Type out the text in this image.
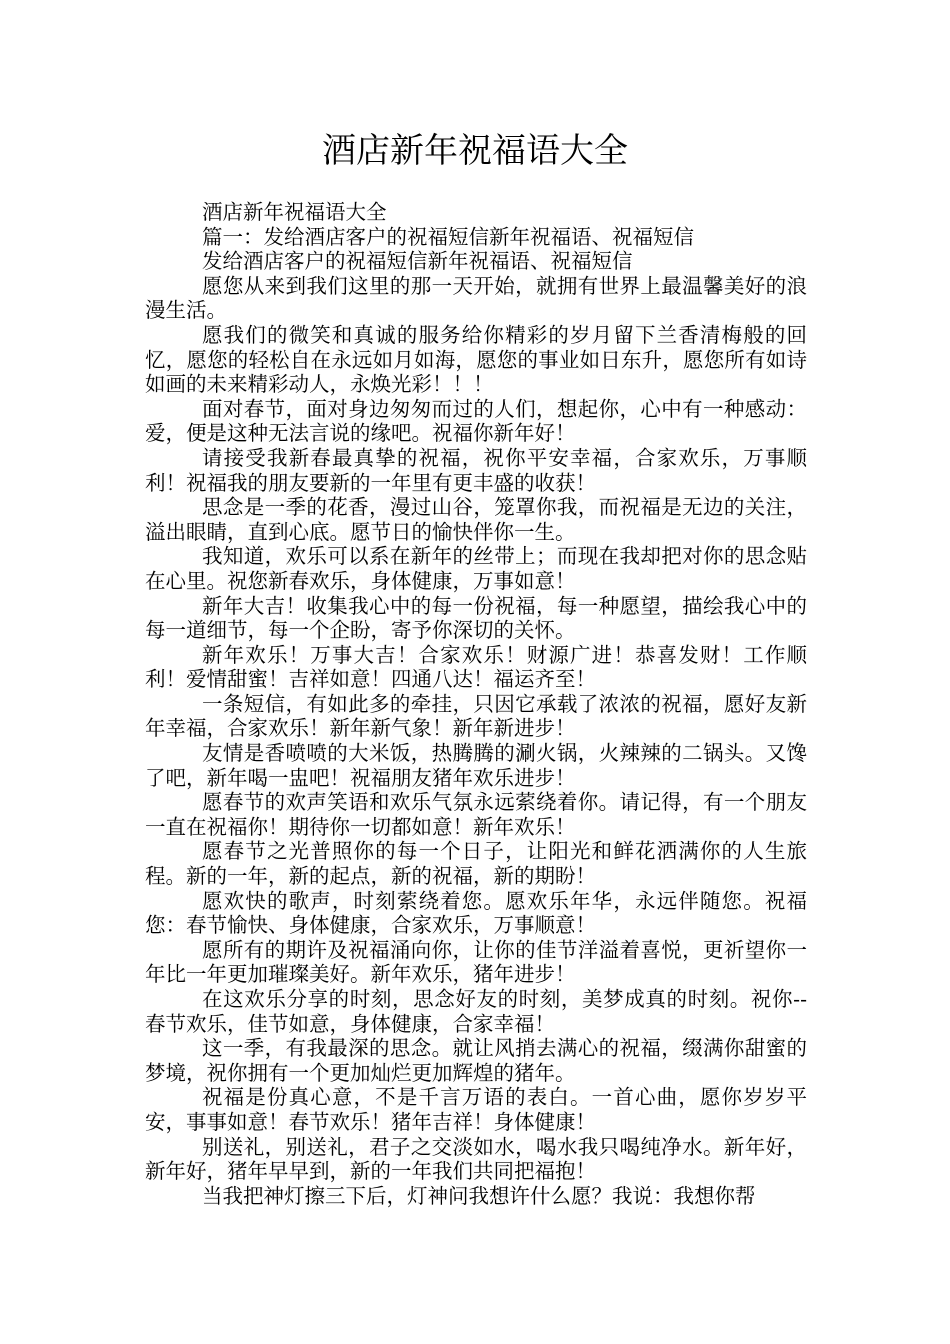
酒店新年祝福语大全

酒店新年祝福语大全

篇一：发给酒店客户的祝福短信新年祝福语、祝福短信

发给酒店客户的祝福短信新年祝福语、祝福短信

愿您从来到我们这里的那一天开始，就拥有世界上最温馨美好的浪漫生活。

愿我们的微笑和真诚的服务给你精彩的岁月留下兰香清梅般的回忆，愿您的轻松自在永远如月如海，愿您的事业如日东升，愿您所有如诗如画的未来精彩动人，永焕光彩！！！

面对春节，面对身边匆匆而过的人们，想起你，心中有一种感动：爱，便是这种无法言说的缘吧。祝福你新年好！

请接受我新春最真挚的祝福，祝你平安幸福，合家欢乐，万事顺利！祝福我的朋友要新的一年里有更丰盛的收获！

思念是一季的花香，漫过山谷，笼罩你我，而祝福是无边的关注，溢出眼睛，直到心底。愿节日的愉快伴你一生。

我知道，欢乐可以系在新年的丝带上；而现在我却把对你的思念贴在心里。祝您新春欢乐，身体健康，万事如意！

新年大吉！收集我心中的每一份祝福，每一种愿望，描绘我心中的每一道细节，每一个企盼，寄予你深切的关怀。

新年欢乐！万事大吉！合家欢乐！财源广进！恭喜发财！工作顺利！爱情甜蜜！吉祥如意！四通八达！福运齐至！

一条短信，有如此多的牵挂，只因它承载了浓浓的祝福，愿好友新年幸福，合家欢乐！新年新气象！新年新进步！

友情是香喷喷的大米饭，热腾腾的涮火锅，火辣辣的二锅头。又馋了吧，新年喝一盅吧！祝福朋友猪年欢乐进步！

愿春节的欢声笑语和欢乐气氛永远萦绕着你。请记得，有一个朋友一直在祝福你！期待你一切都如意！新年欢乐！

愿春节之光普照你的每一个日子，让阳光和鲜花洒满你的人生旅程。新的一年，新的起点，新的祝福，新的期盼！

愿欢快的歌声，时刻萦绕着您。愿欢乐年华，永远伴随您。祝福您：春节愉快、身体健康，合家欢乐，万事顺意！

愿所有的期许及祝福涌向你，让你的佳节洋溢着喜悦，更祈望你一年比一年更加璀璨美好。新年欢乐，猪年进步！

在这欢乐分享的时刻，思念好友的时刻，美梦成真的时刻。祝你--春节欢乐，佳节如意，身体健康，合家幸福！

这一季，有我最深的思念。就让风捎去满心的祝福，缀满你甜蜜的梦境，祝你拥有一个更加灿烂更加辉煌的猪年。

祝福是份真心意，不是千言万语的表白。一首心曲，愿你岁岁平安，事事如意！春节欢乐！猪年吉祥！身体健康！

别送礼，别送礼，君子之交淡如水，喝水我只喝纯净水。新年好，新年好，猪年早早到，新的一年我们共同把福抱！

当我把神灯擦三下后，灯神问我想许什么愿？我说：我想你帮
